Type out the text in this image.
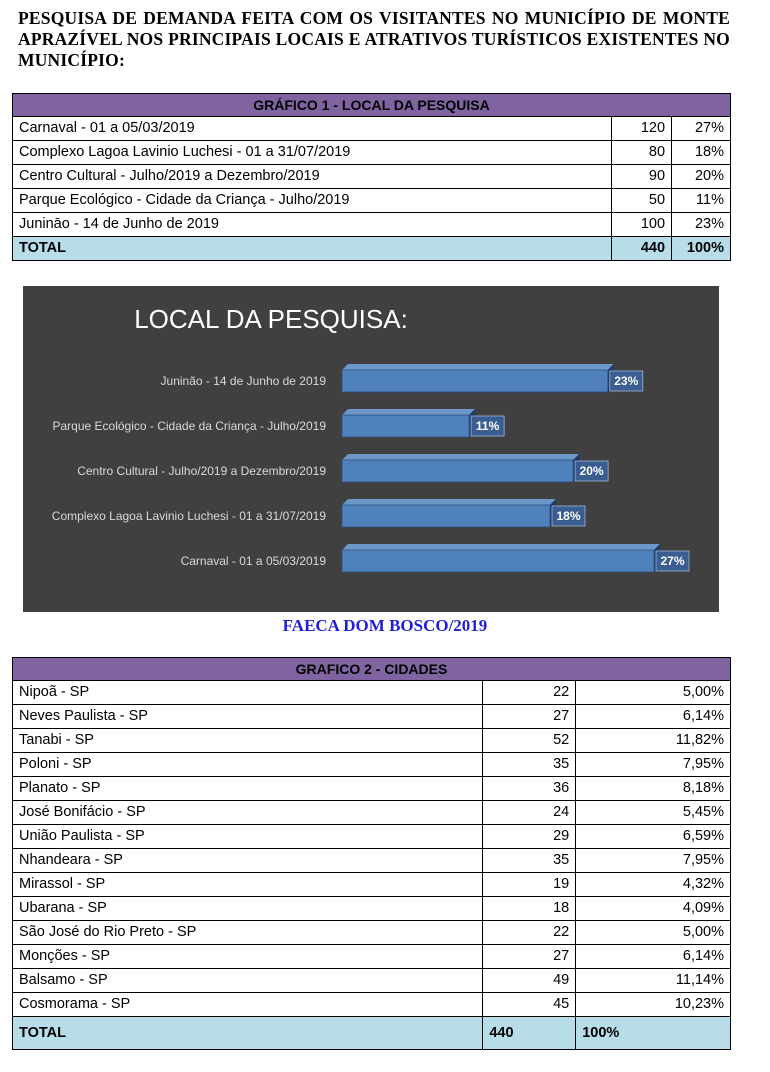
PESQUISA DE DEMANDA FEITA COM OS VISITANTES NO MUNICÍPIO DE MONTE APRAZÍVEL NOS PRINCIPAIS LOCAIS E ATRATIVOS TURÍSTICOS EXISTENTES NO MUNICÍPIO:
GRÁFICO 1 - LOCAL DA PESQUISA		
Carnaval - 01 a 05/03/2019	120	27%
Complexo Lagoa Lavinio Luchesi - 01 a 31/07/2019	80	18%
Centro Cultural - Julho/2019 a Dezembro/2019	90	20%
Parque Ecológico - Cidade da Criança - Julho/2019	50	11%
Junināo - 14 de Junho de 2019	100	23%
TOTAL	440	100%
LOCAL DA PESQUISA:
Juninão - 14 de Junho de 2019	23%
Parque Ecológico - Cidade da Criança - Julho/2019	11%
Centro Cultural - Julho/2019 a Dezembro/2019	20%
Complexo Lagoa Lavinio Luchesi - 01 a 31/07/2019	18%
Carnaval - 01 a 05/03/2019	27%
FAECA DOM BOSCO/2019
GRAFICO 2 - CIDADES		
Nipoã - SP	22	5,00%
Neves Paulista - SP	27	6,14%
Tanabi - SP	52	11,82%
Poloni - SP	35	7,95%
Planato - SP	36	8,18%
José Bonifácio - SP	24	5,45%
União Paulista - SP	29	6,59%
Nhandeara - SP	35	7,95%
Mirassol - SP	19	4,32%
Ubarana - SP	18	4,09%
São José do Rio Preto - SP	22	5,00%
Monções - SP	27	6,14%
Balsamo - SP	49	11,14%
Cosmorama - SP	45	10,23%
TOTAL	440	100%
